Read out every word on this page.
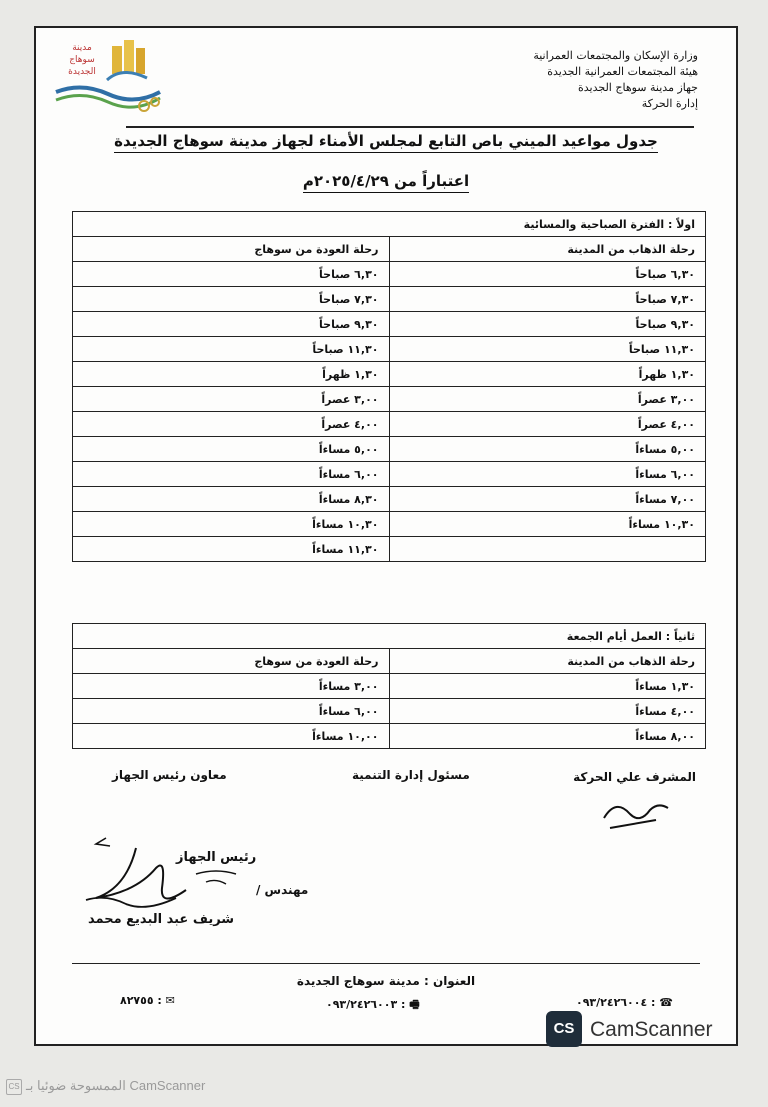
مدينة
سوهاج
الجديدة
وزارة الإسكان والمجتمعات العمرانية
هيئة المجتمعات العمرانية الجديدة
جهاز مدينة سوهاج الجديدة
إدارة الحركة
جدول مواعيد الميني باص التابع لمجلس الأمناء لجهاز مدينة سوهاج الجديدة
اعتباراً من ٢٠٢٥/٤/٢٩م
اولاً : الفترة الصباحية والمسائية	
رحلة الذهاب من المدينة	رحلة العودة من سوهاج
٦,٣٠ صباحاً	٦,٣٠ صباحاً
٧,٣٠ صباحاً	٧,٣٠ صباحاً
٩,٣٠ صباحاً	٩,٣٠ صباحاً
١١,٣٠ صباحاً	١١,٣٠ صباحاً
١,٣٠ ظهراً	١,٣٠ ظهراً
٣,٠٠ عصراً	٣,٠٠ عصراً
٤,٠٠ عصراً	٤,٠٠ عصراً
٥,٠٠ مساءاً	٥,٠٠ مساءاً
٦,٠٠ مساءاً	٦,٠٠ مساءاً
٧,٠٠ مساءاً	٨,٣٠ مساءاً
١٠,٣٠ مساءاً	١٠,٣٠ مساءاً
	١١,٣٠ مساءاً
ثانياً : العمل أيام الجمعة	
رحلة الذهاب من المدينة	رحلة العودة من سوهاج
١,٣٠ مساءاً	٣,٠٠ مساءاً
٤,٠٠ مساءاً	٦,٠٠ مساءاً
٨,٠٠ مساءاً	١٠,٠٠ مساءاً
المشرف علي الحركة
مسئول إدارة التنمية
معاون رئيس الجهاز
رئيس الجهاز
مهندس /
شريف عبد البديع محمد
العنوان : مدينة سوهاج الجديدة
٠٩٣/٢٤٢٦٠٠٤ : ☎
٠٩٣/٢٤٢٦٠٠٣ : 🖷
٨٢٧٥٥ : ✉
CS CamScanner
CS الممسوحة ضوئيا بـ CamScanner
